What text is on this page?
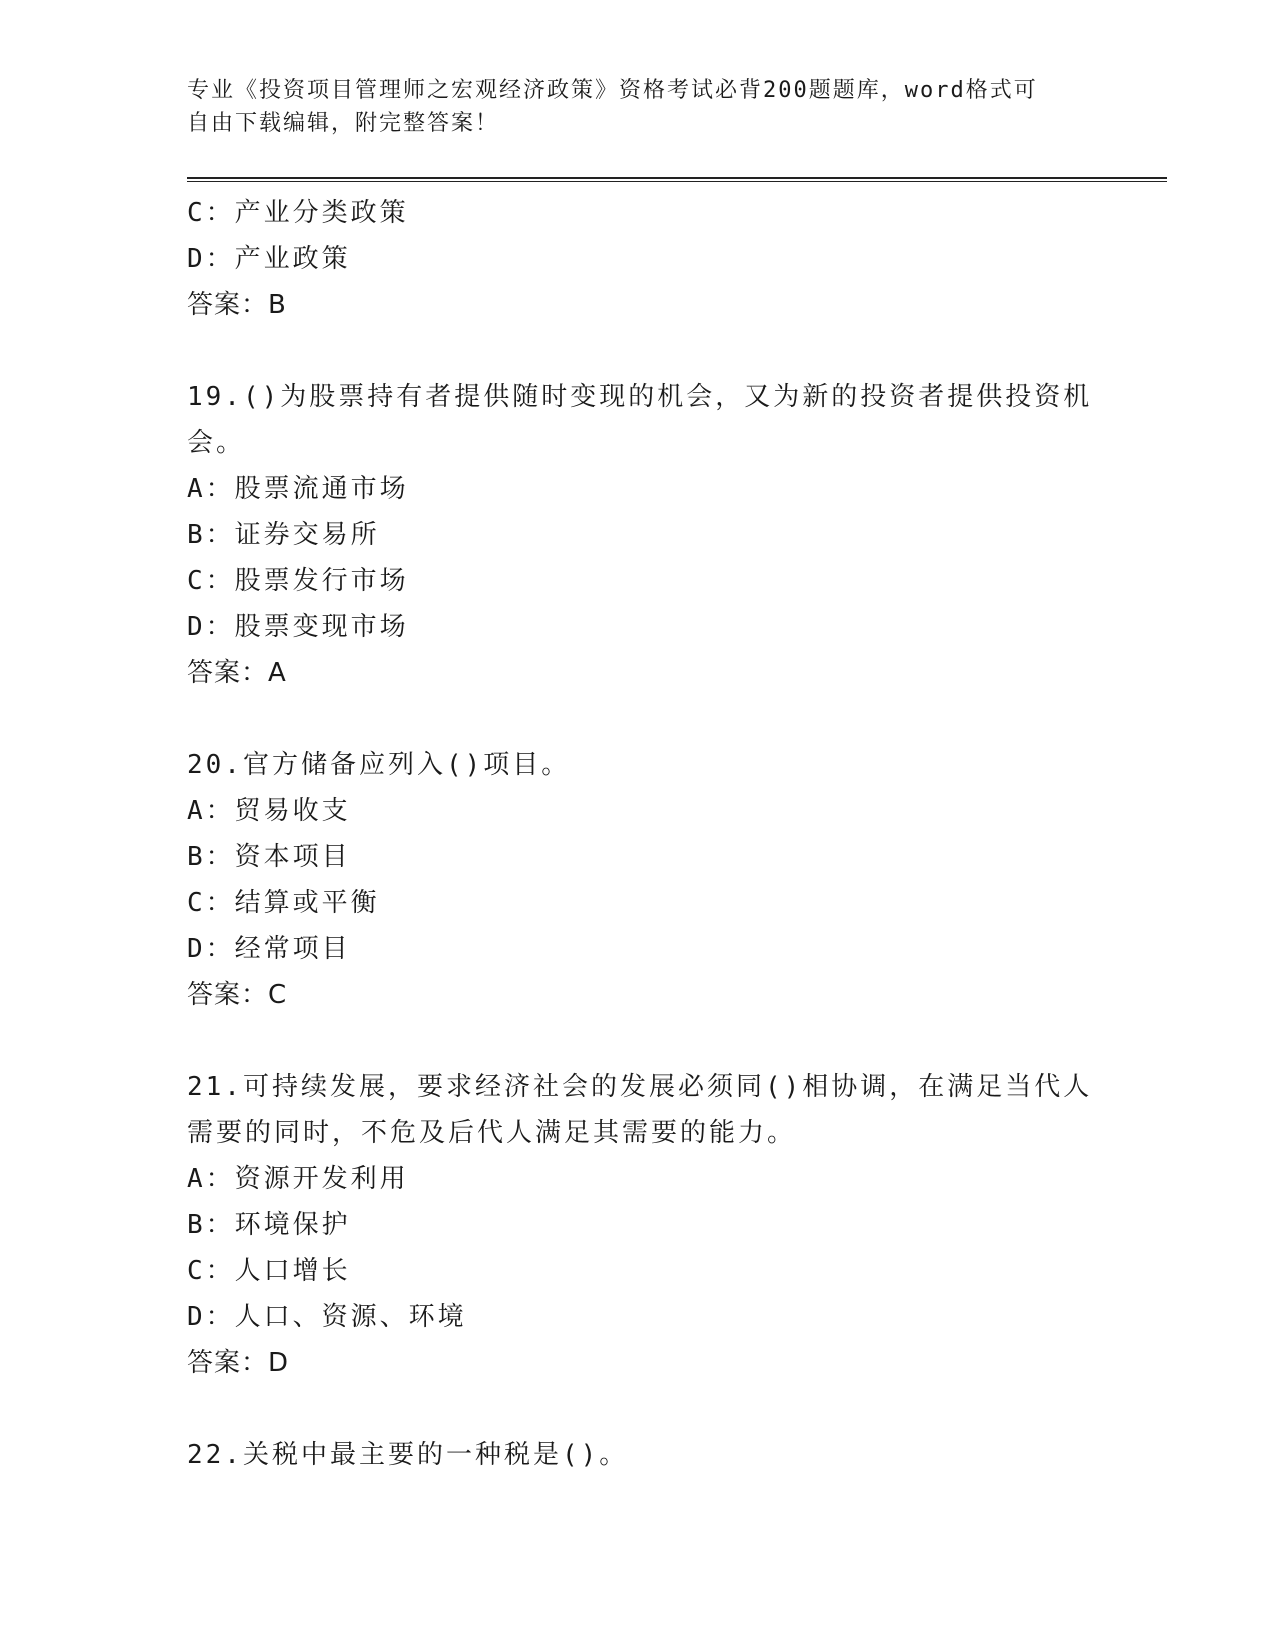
专业《投资项目管理师之宏观经济政策》资格考试必背200题题库，word格式可
自由下载编辑，附完整答案！
C：产业分类政策
D：产业政策
答案：B
19.()为股票持有者提供随时变现的机会，又为新的投资者提供投资机
会。
A：股票流通市场
B：证券交易所
C：股票发行市场
D：股票变现市场
答案：A
20.官方储备应列入()项目。
A：贸易收支
B：资本项目
C：结算或平衡
D：经常项目
答案：C
21.可持续发展，要求经济社会的发展必须同()相协调，在满足当代人
需要的同时，不危及后代人满足其需要的能力。
A：资源开发利用
B：环境保护
C：人口增长
D：人口、资源、环境
答案：D
22.关税中最主要的一种税是()。
